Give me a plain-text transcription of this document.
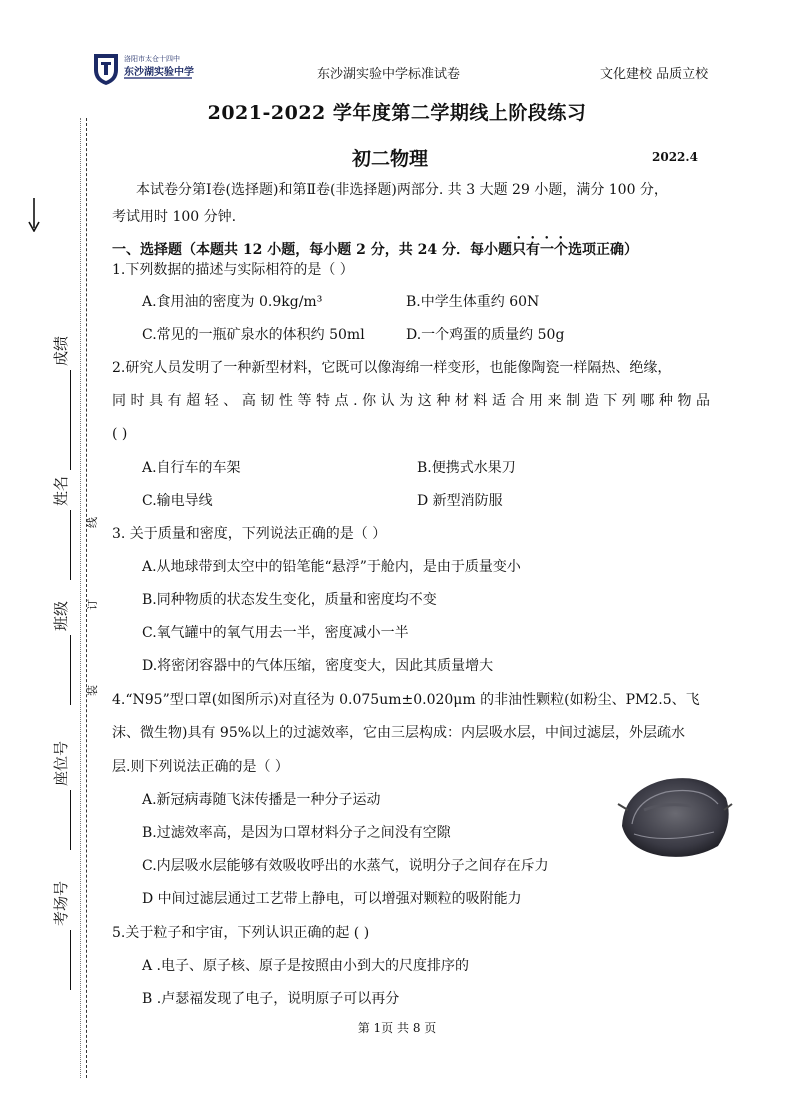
洛阳市太仓十四中
东沙湖实验中学	东沙湖实验中学标准试卷	文化建校 品质立校
2021-2022 学年度第二学期线上阶段练习
初二物理	2022.4
成绩
姓名
班级
座位号
考场号
线
订
装
本试卷分第Ⅰ卷(选择题)和第Ⅱ卷(非选择题)两部分. 共 3 大题 29 小题，满分 100 分，
考试用时 100 分钟.
一、选择题（本题共 12 小题，每小题 2 分，共 24 分．每小题只有一个选项正确）
1.下列数据的描述与实际相符的是（ ）
A.食用油的密度为 0.9kg/m³	B.中学生体重约 60N
C.常见的一瓶矿泉水的体积约 50ml	D.一个鸡蛋的质量约 50g
2.研究人员发明了一种新型材料，它既可以像海绵一样变形，也能像陶瓷一样隔热、绝缘，
同时具有超轻、高韧性等特点.你认为这种材料适合用来制造下列哪种物品
( )
A.自行车的车架	B.便携式水果刀
C.输电导线	D 新型消防服
3. 关于质量和密度，下列说法正确的是（ ）
A.从地球带到太空中的铅笔能“悬浮”于舱内，是由于质量变小
B.同种物质的状态发生变化，质量和密度均不变
C.氧气罐中的氧气用去一半，密度减小一半
D.将密闭容器中的气体压缩，密度变大，因此其质量增大
4.“N95”型口罩(如图所示)对直径为 0.075um±0.020μm 的非油性颗粒(如粉尘、PM2.5、飞
沫、微生物)具有 95%以上的过滤效率，它由三层构成：内层吸水层，中间过滤层，外层疏水
层.则下列说法正确的是（ ）
A.新冠病毒随飞沫传播是一种分子运动
B.过滤效率高，是因为口罩材料分子之间没有空隙
C.内层吸水层能够有效吸收呼出的水蒸气，说明分子之间存在斥力
D 中间过滤层通过工艺带上静电，可以增强对颗粒的吸附能力
5.关于粒子和宇宙，下列认识正确的起 ( )
A .电子、原子核、原子是按照由小到大的尺度排序的
B .卢瑟福发现了电子，说明原子可以再分
第 1页 共 8 页
